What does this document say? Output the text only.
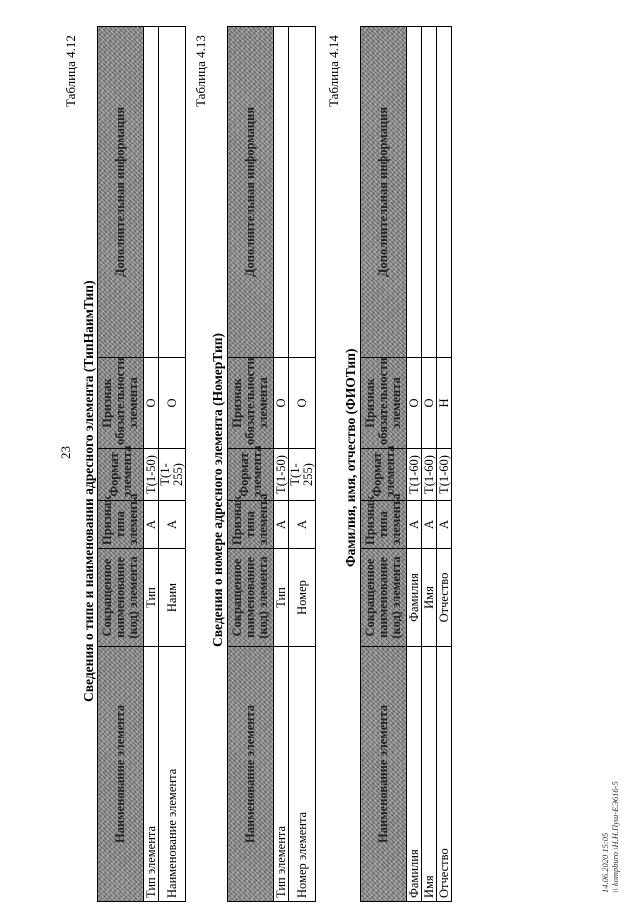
23
Таблица 4.12
Сведения о типе и наименовании адресного элемента (ТипНаимТип)
Наименование элемента	Сокращенное наименование (код) элемента	Признак типа элемента	Формат элемента	Признак обязательности элемента	Дополнительная информация
Тип элемента	Тип	A	T(1-50)	O	
Наименование элемента	Наим	A	T(1-255)	O	
Таблица 4.13
Сведения о номере адресного элемента (НомерТип)
Наименование элемента	Сокращенное наименование (код) элемента	Признак типа элемента	Формат элемента	Признак обязательности элемента	Дополнительная информация
Тип элемента	Тип	A	T(1-50)	O	
Номер элемента	Номер	A	T(1-255)	O	
Таблица 4.14
Фамилия, имя, отчество (ФИОТип)
Наименование элемента	Сокращенное наименование (код) элемента	Признак типа элемента	Формат элемента	Признак обязательности элемента	Дополнительная информация
Фамилия	Фамилия	A	T(1-60)	O	
Имя	Имя	A	T(1-60)	O	
Отчество	Отчество	A	T(1-60)	H	
14.06.2020 15:05 \\ kompburo \Н.Н.Пуш-ЕЭ616-5
